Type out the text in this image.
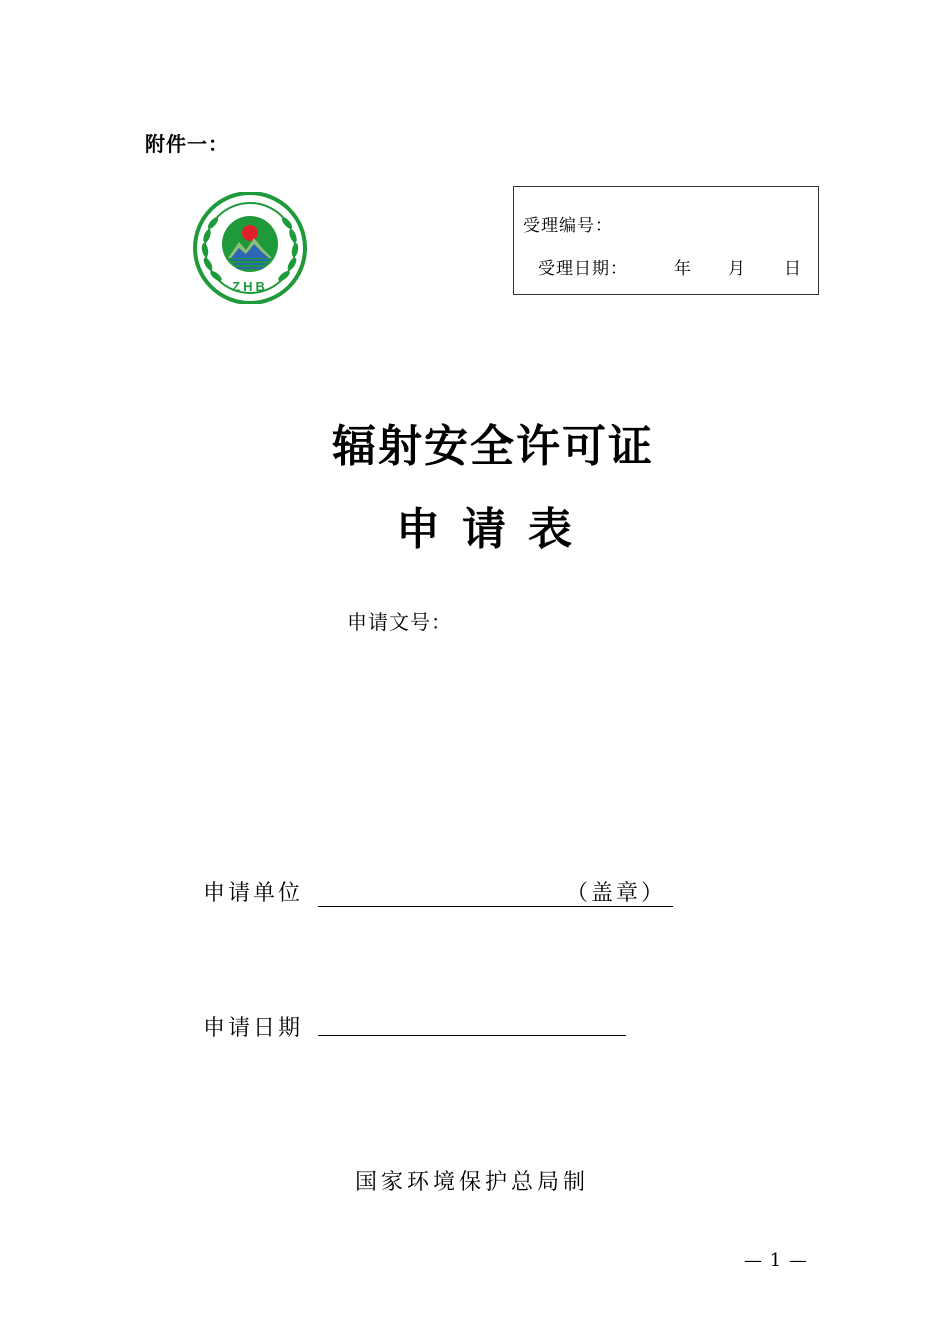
附件一：
ZHB
受理编号：
受理日期：	年 月 日
辐射安全许可证
申请表
申请文号：
申请单位	（盖章）
申请日期
国家环境保护总局制
— 1 —
